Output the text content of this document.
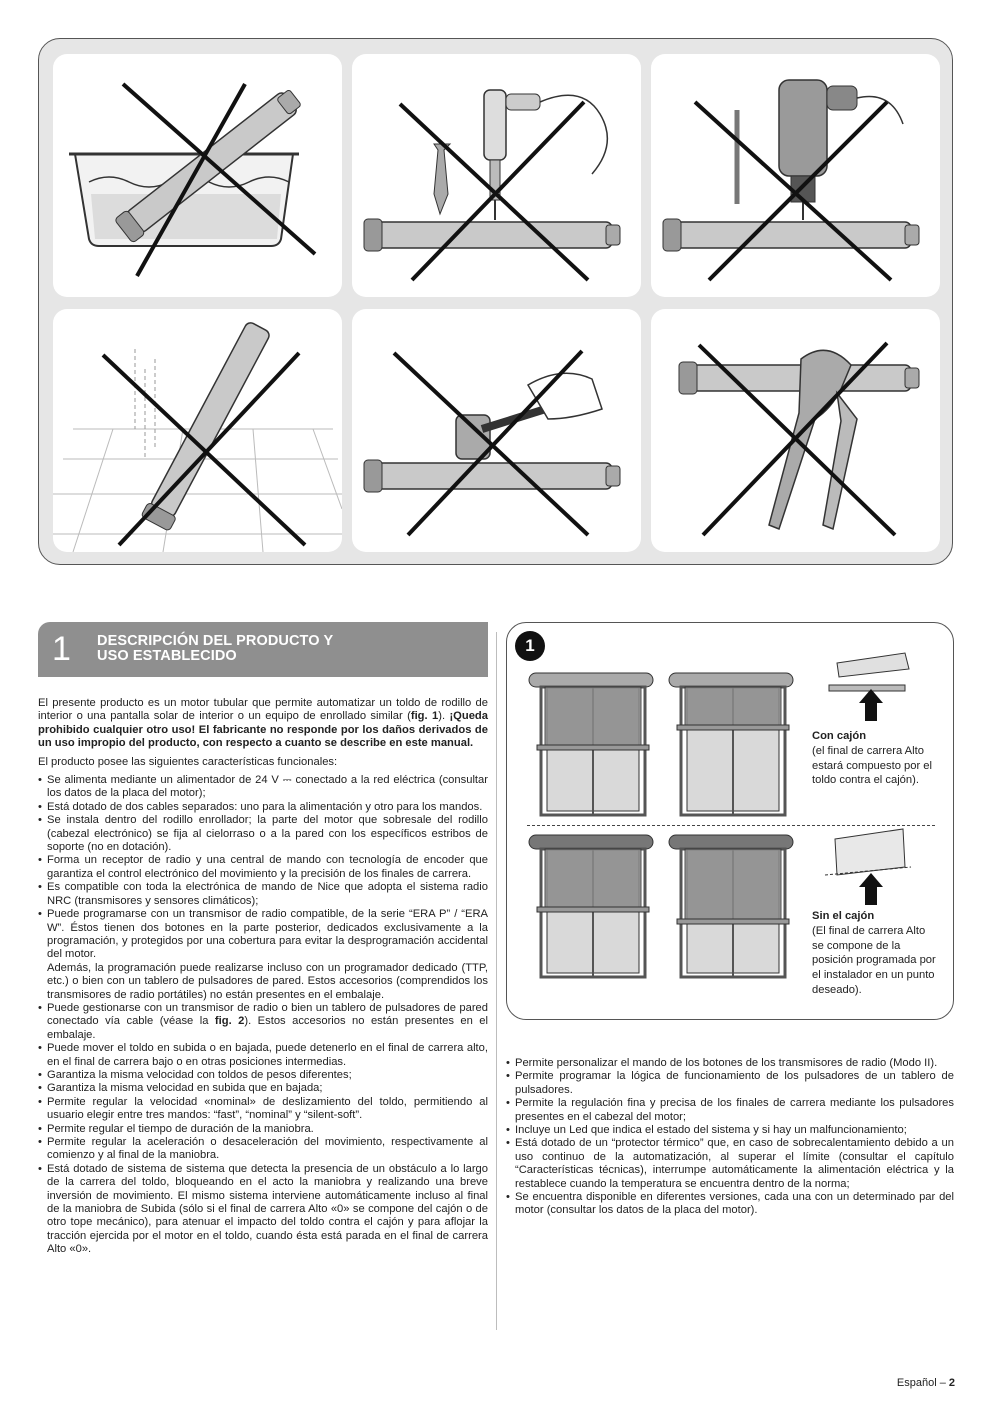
1 DESCRIPCIÓN DEL PRODUCTO Y
USO ESTABLECIDO

El presente producto es un motor tubular que permite automatizar un toldo de rodillo de interior o una pantalla solar de interior o un equipo de enrollado similar (fig. 1). ¡Queda prohibido cualquier otro uso! El fabricante no responde por los daños derivados de un uso impropio del producto, con respecto a cuanto se describe en este manual.

El producto posee las siguientes características funcionales:

• Se alimenta mediante un alimentador de 24 V ⎓ conectado a la red eléctrica (consultar los datos de la placa del motor);
• Está dotado de dos cables separados: uno para la alimentación y otro para los mandos.
• Se instala dentro del rodillo enrollador; la parte del motor que sobresale del rodillo (cabezal electrónico) se fija al cielorraso o a la pared con los específicos estribos de soporte (no en dotación).
• Forma un receptor de radio y una central de mando con tecnología de encoder que garantiza el control electrónico del movimiento y la precisión de los finales de carrera.
• Es compatible con toda la electrónica de mando de Nice que adopta el sistema radio NRC (transmisores y sensores climáticos);
• Puede programarse con un transmisor de radio compatible, de la serie “ERA P” / “ERA W”. Éstos tienen dos botones en la parte posterior, dedicados exclusivamente a la programación, y protegidos por una cobertura para evitar la desprogramación accidental del motor.
Además, la programación puede realizarse incluso con un programador dedicado (TTP, etc.) o bien con un tablero de pulsadores de pared. Estos accesorios (comprendidos los transmisores de radio portátiles) no están presentes en el embalaje.
• Puede gestionarse con un transmisor de radio o bien un tablero de pulsadores de pared conectado vía cable (véase la fig. 2). Estos accesorios no están presentes en el embalaje.
• Puede mover el toldo en subida o en bajada, puede detenerlo en el final de carrera alto, en el final de carrera bajo o en otras posiciones intermedias.
• Garantiza la misma velocidad con toldos de pesos diferentes;
• Garantiza la misma velocidad en subida que en bajada;
• Permite regular la velocidad «nominal» de deslizamiento del toldo, permitiendo al usuario elegir entre tres mandos: “fast”, “nominal” y “silent-soft”.
• Permite regular el tiempo de duración de la maniobra.
• Permite regular la aceleración o desaceleración del movimiento, respectivamente al comienzo y al final de la maniobra.
• Está dotado de sistema de sistema que detecta la presencia de un obstáculo a lo largo de la carrera del toldo, bloqueando en el acto la maniobra y realizando una breve inversión de movimiento. El mismo sistema interviene automáticamente incluso al final de la maniobra de Subida (sólo si el final de carrera Alto «0» se compone del cajón o de otro tope mecánico), para atenuar el impacto del toldo contra el cajón y para aflojar la tracción ejercida por el motor en el toldo, cuando ésta está parada en el final de carrera Alto «0».
1
Con cajón
(el final de carrera Alto estará compuesto por el toldo contra el cajón).
Sin el cajón
(El final de carrera Alto se compone de la posición programada por el instalador en un punto deseado).
• Permite personalizar el mando de los botones de los transmisores de radio (Modo II).
• Permite programar la lógica de funcionamiento de los pulsadores de un tablero de pulsadores.
• Permite la regulación fina y precisa de los finales de carrera mediante los pulsadores presentes en el cabezal del motor;
• Incluye un Led que indica el estado del sistema y si hay un malfuncionamiento;
• Está dotado de un “protector térmico” que, en caso de sobrecalentamiento debido a un uso continuo de la automatización, al superar el límite (consultar el capítulo “Características técnicas), interrumpe automáticamente la alimentación eléctrica y la restablece cuando la temperatura se encuentra dentro de la norma;
• Se encuentra disponible en diferentes versiones, cada una con un determinado par del motor (consultar los datos de la placa del motor).
Español – 2
